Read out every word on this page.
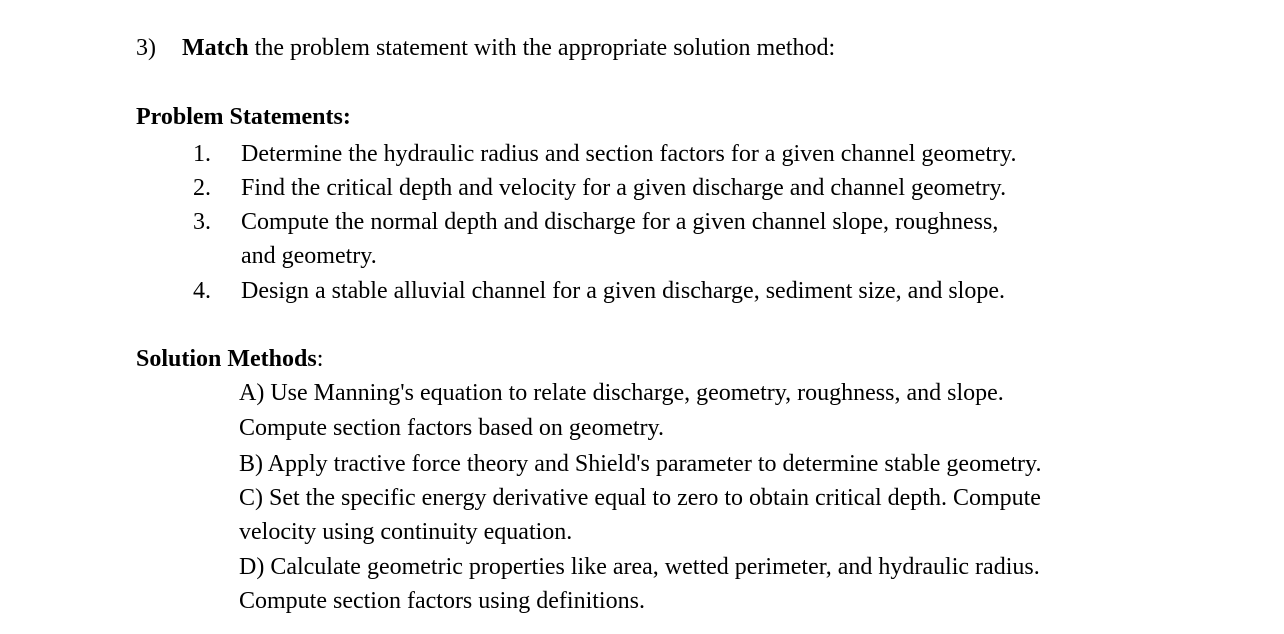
3) Match the problem statement with the appropriate solution method:
Problem Statements:
1. Determine the hydraulic radius and section factors for a given channel geometry.
2. Find the critical depth and velocity for a given discharge and channel geometry.
3. Compute the normal depth and discharge for a given channel slope, roughness,
and geometry.
4. Design a stable alluvial channel for a given discharge, sediment size, and slope.
Solution Methods:
A) Use Manning's equation to relate discharge, geometry, roughness, and slope.
Compute section factors based on geometry.
B) Apply tractive force theory and Shield's parameter to determine stable geometry.
C) Set the specific energy derivative equal to zero to obtain critical depth. Compute
velocity using continuity equation.
D) Calculate geometric properties like area, wetted perimeter, and hydraulic radius.
Compute section factors using definitions.
